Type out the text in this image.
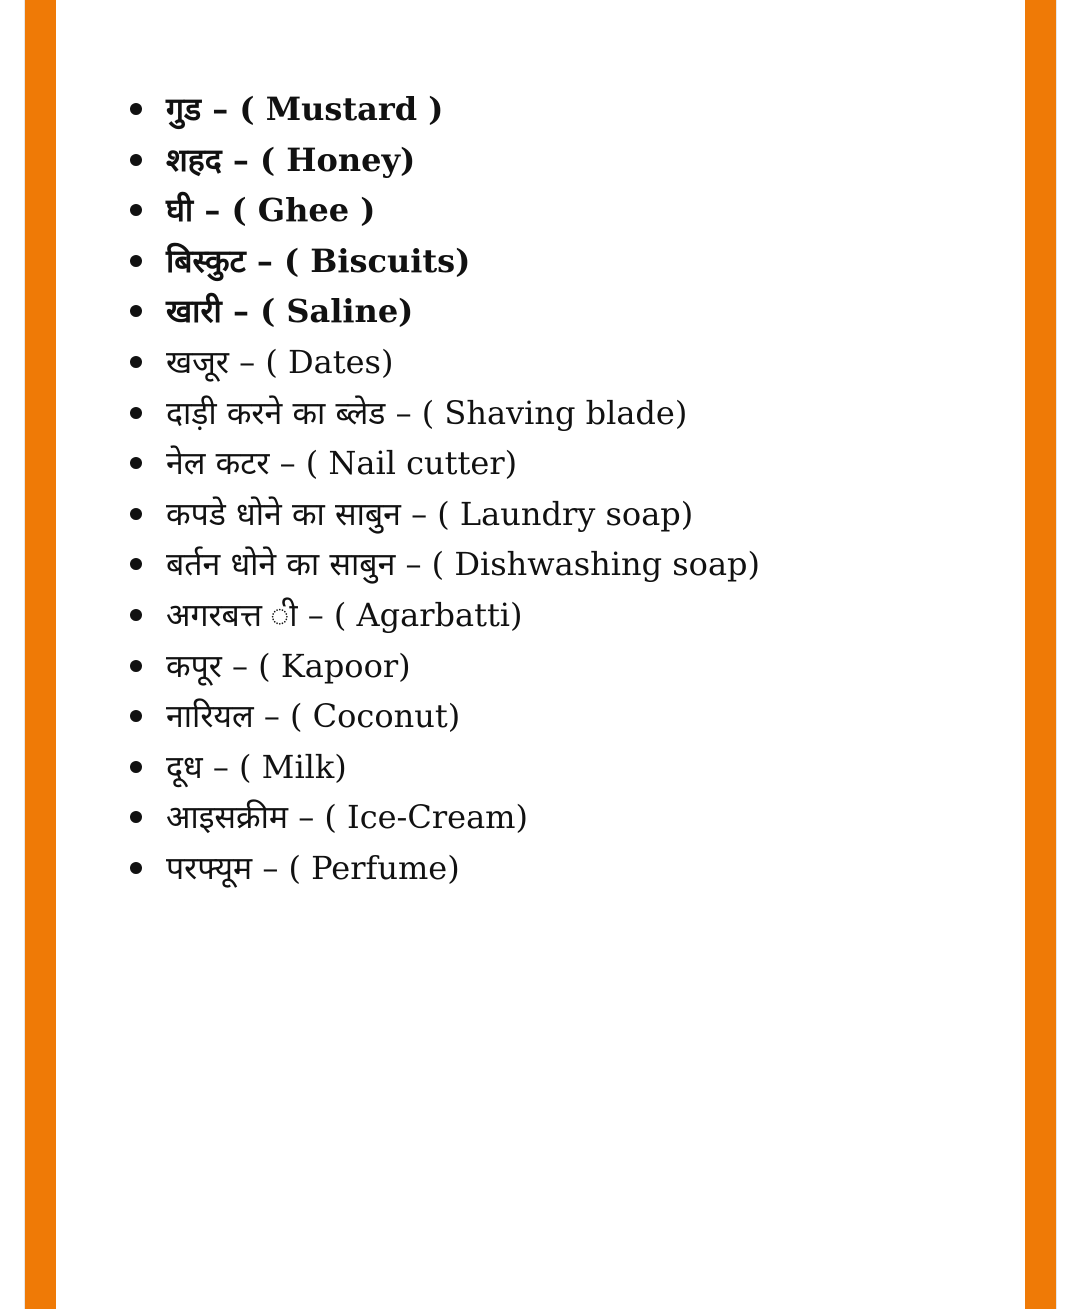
गुड – ( Mustard )
शहद – ( Honey)
घी – ( Ghee )
बिस्कुट – ( Biscuits)
खारी – ( Saline)
खजूर – ( Dates)
दाड़ी करने का ब्लेड – ( Shaving blade)
नेल कटर – ( Nail cutter)
कपडे धोने का साबुन – ( Laundry soap)
बर्तन धोने का साबुन – ( Dishwashing soap)
अगरबत्त ी – ( Agarbatti)
कपूर – ( Kapoor)
नारियल – ( Coconut)
दूध – ( Milk)
आइसक्रीम – ( Ice-Cream)
परफ्यूम – ( Perfume)
